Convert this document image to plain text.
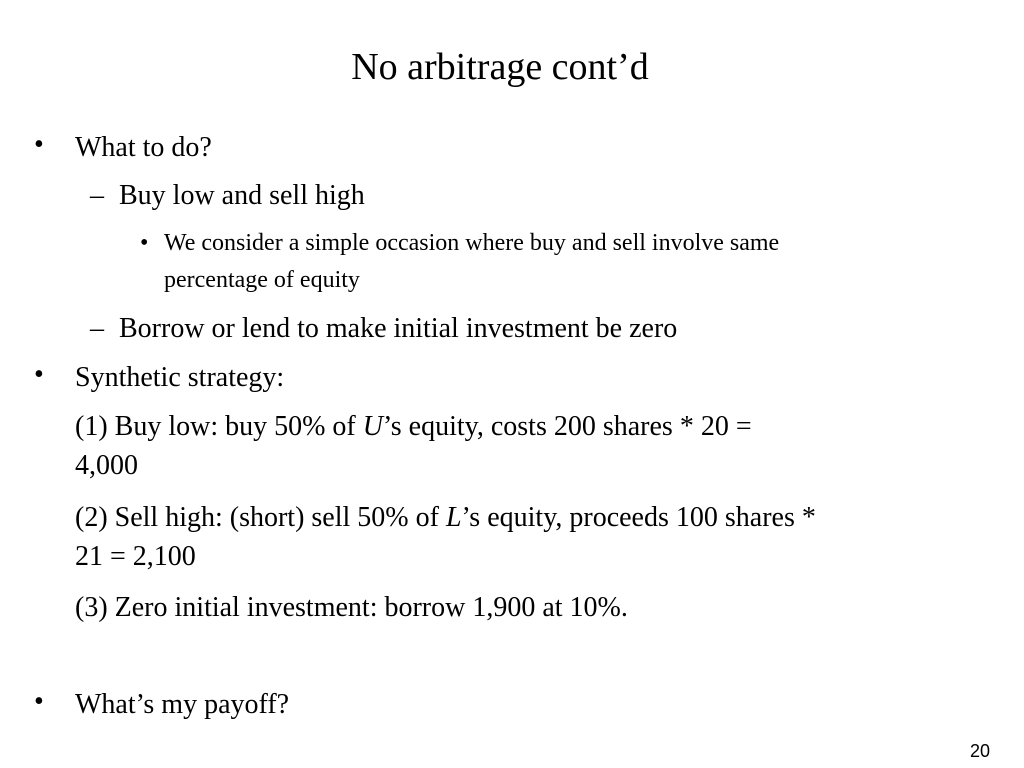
No arbitrage cont’d
• What to do?
– Buy low and sell high
• We consider a simple occasion where buy and sell involve same
percentage of equity
– Borrow or lend to make initial investment be zero
• Synthetic strategy:
(1) Buy low: buy 50% of U’s equity, costs 200 shares * 20 =
4,000
(2) Sell high: (short) sell 50% of L’s equity, proceeds 100 shares *
21 = 2,100
(3) Zero initial investment: borrow 1,900 at 10%.
• What’s my payoff?
20
